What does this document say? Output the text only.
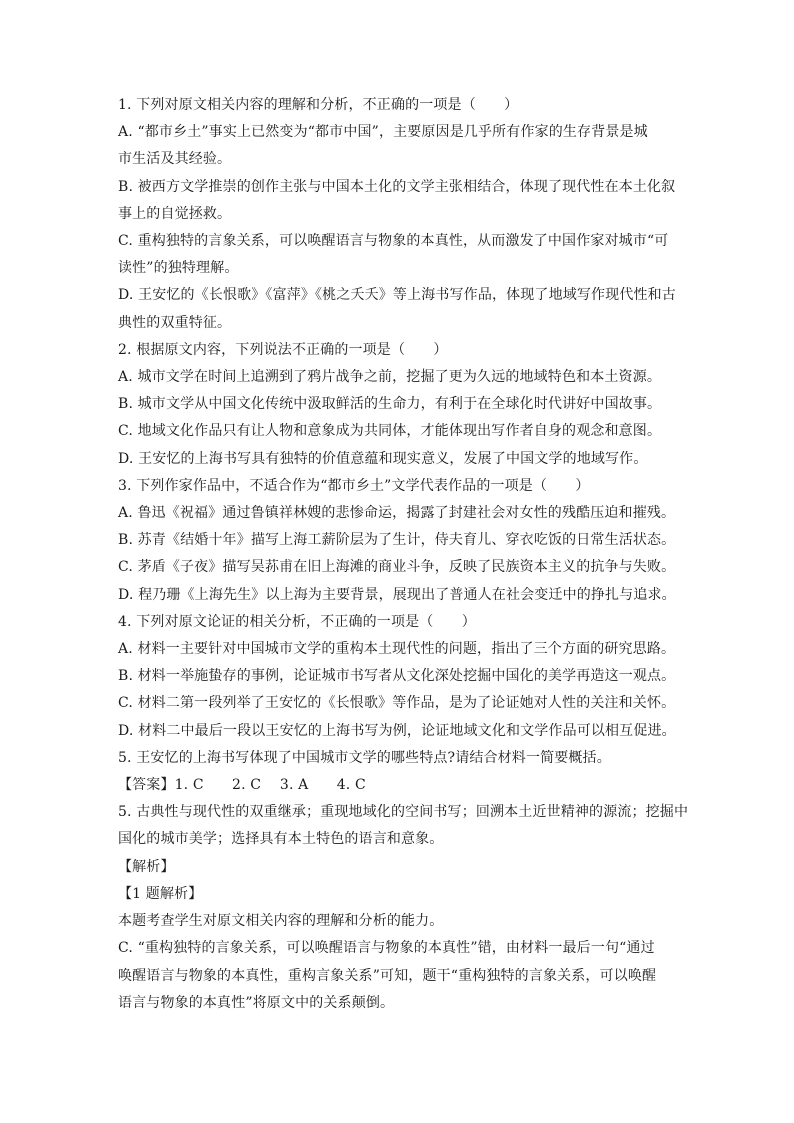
1. 下列对原文相关内容的理解和分析，不正确的一项是（　　）
A. “都市乡土”事实上已然变为“都市中国”，主要原因是几乎所有作家的生存背景是城
市生活及其经验。
B. 被西方文学推崇的创作主张与中国本土化的文学主张相结合，体现了现代性在本土化叙
事上的自觉拯救。
C. 重构独特的言象关系，可以唤醒语言与物象的本真性，从而激发了中国作家对城市“可
读性”的独特理解。
D. 王安忆的《长恨歌》《富萍》《桃之夭夭》等上海书写作品，体现了地域写作现代性和古
典性的双重特征。
2. 根据原文内容，下列说法不正确的一项是（　　）
A. 城市文学在时间上追溯到了鸦片战争之前，挖掘了更为久远的地域特色和本土资源。
B. 城市文学从中国文化传统中汲取鲜活的生命力，有利于在全球化时代讲好中国故事。
C. 地域文化作品只有让人物和意象成为共同体，才能体现出写作者自身的观念和意图。
D. 王安忆的上海书写具有独特的价值意蕴和现实意义，发展了中国文学的地域写作。
3. 下列作家作品中，不适合作为“都市乡土”文学代表作品的一项是（　　）
A. 鲁迅《祝福》通过鲁镇祥林嫂的悲惨命运，揭露了封建社会对女性的残酷压迫和摧残。
B. 苏青《结婚十年》描写上海工薪阶层为了生计，侍夫育儿、穿衣吃饭的日常生活状态。
C. 茅盾《子夜》描写吴荪甫在旧上海滩的商业斗争，反映了民族资本主义的抗争与失败。
D. 程乃珊《上海先生》以上海为主要背景，展现出了普通人在社会变迁中的挣扎与追求。
4. 下列对原文论证的相关分析，不正确的一项是（　　）
A. 材料一主要针对中国城市文学的重构本土现代性的问题，指出了三个方面的研究思路。
B. 材料一举施蛰存的事例，论证城市书写者从文化深处挖掘中国化的美学再造这一观点。
C. 材料二第一段列举了王安忆的《长恨歌》等作品，是为了论证她对人性的关注和关怀。
D. 材料二中最后一段以王安忆的上海书写为例，论证地域文化和文学作品可以相互促进。
5. 王安忆的上海书写体现了中国城市文学的哪些特点?请结合材料一简要概括。
【答案】1. C　　2. C　 3. A　　4. C
5. 古典性与现代性的双重继承；重现地域化的空间书写；回溯本土近世精神的源流；挖掘中
国化的城市美学；选择具有本土特色的语言和意象。
【解析】
【1 题解析】
本题考查学生对原文相关内容的理解和分析的能力。
C. “重构独特的言象关系，可以唤醒语言与物象的本真性”错，由材料一最后一句“通过
唤醒语言与物象的本真性，重构言象关系”可知，题干“重构独特的言象关系，可以唤醒
语言与物象的本真性”将原文中的关系颠倒。
